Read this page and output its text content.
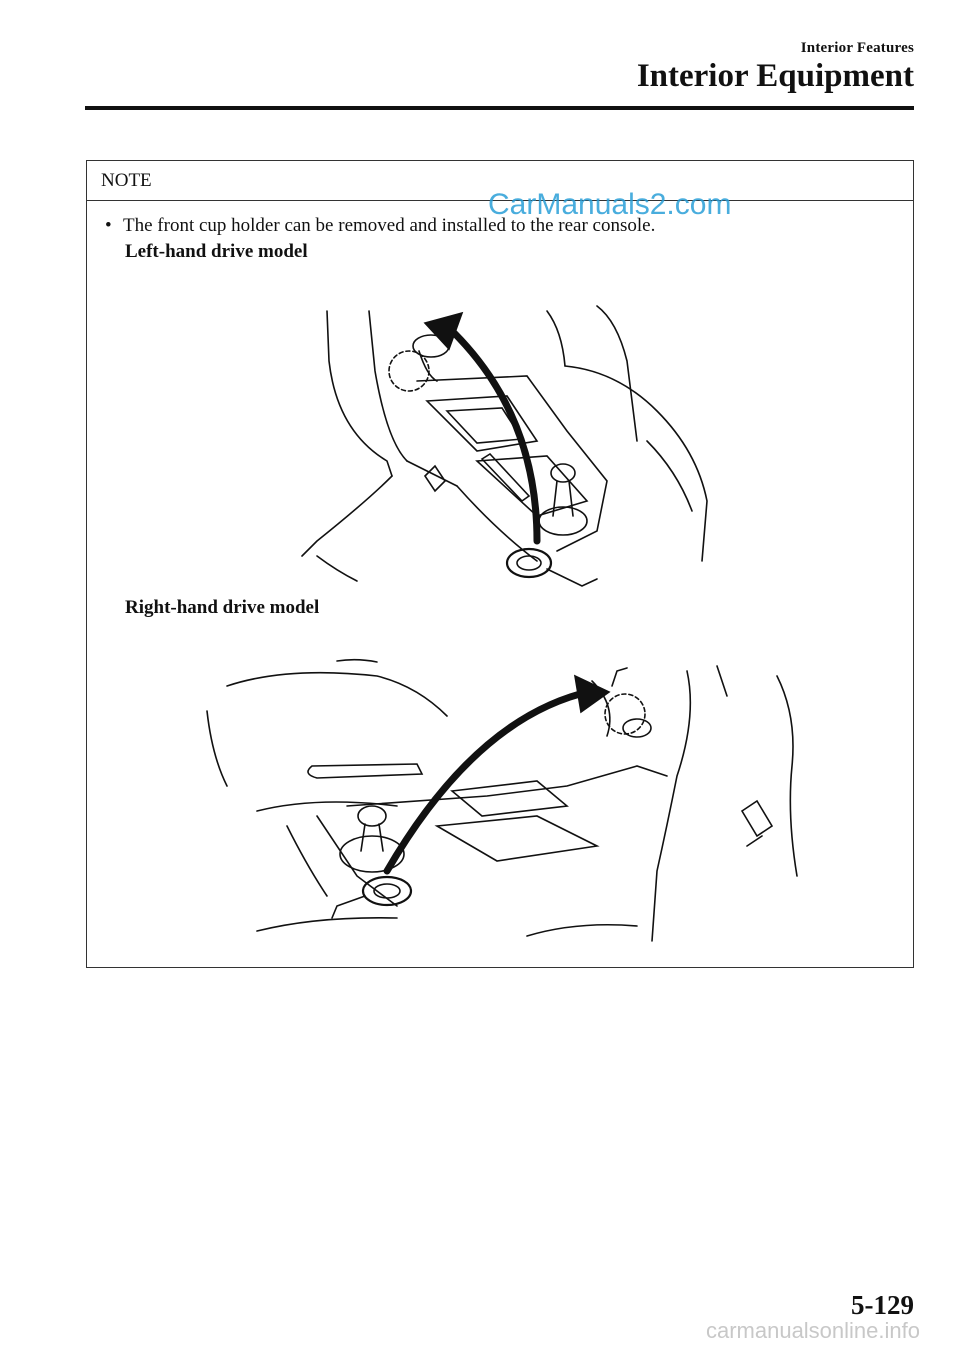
Interior Features
Interior Equipment
NOTE
• The front cup holder can be removed and installed to the rear console.
Left-hand drive model
Right-hand drive model
CarManuals2.com
5-129
carmanualsonline.info
